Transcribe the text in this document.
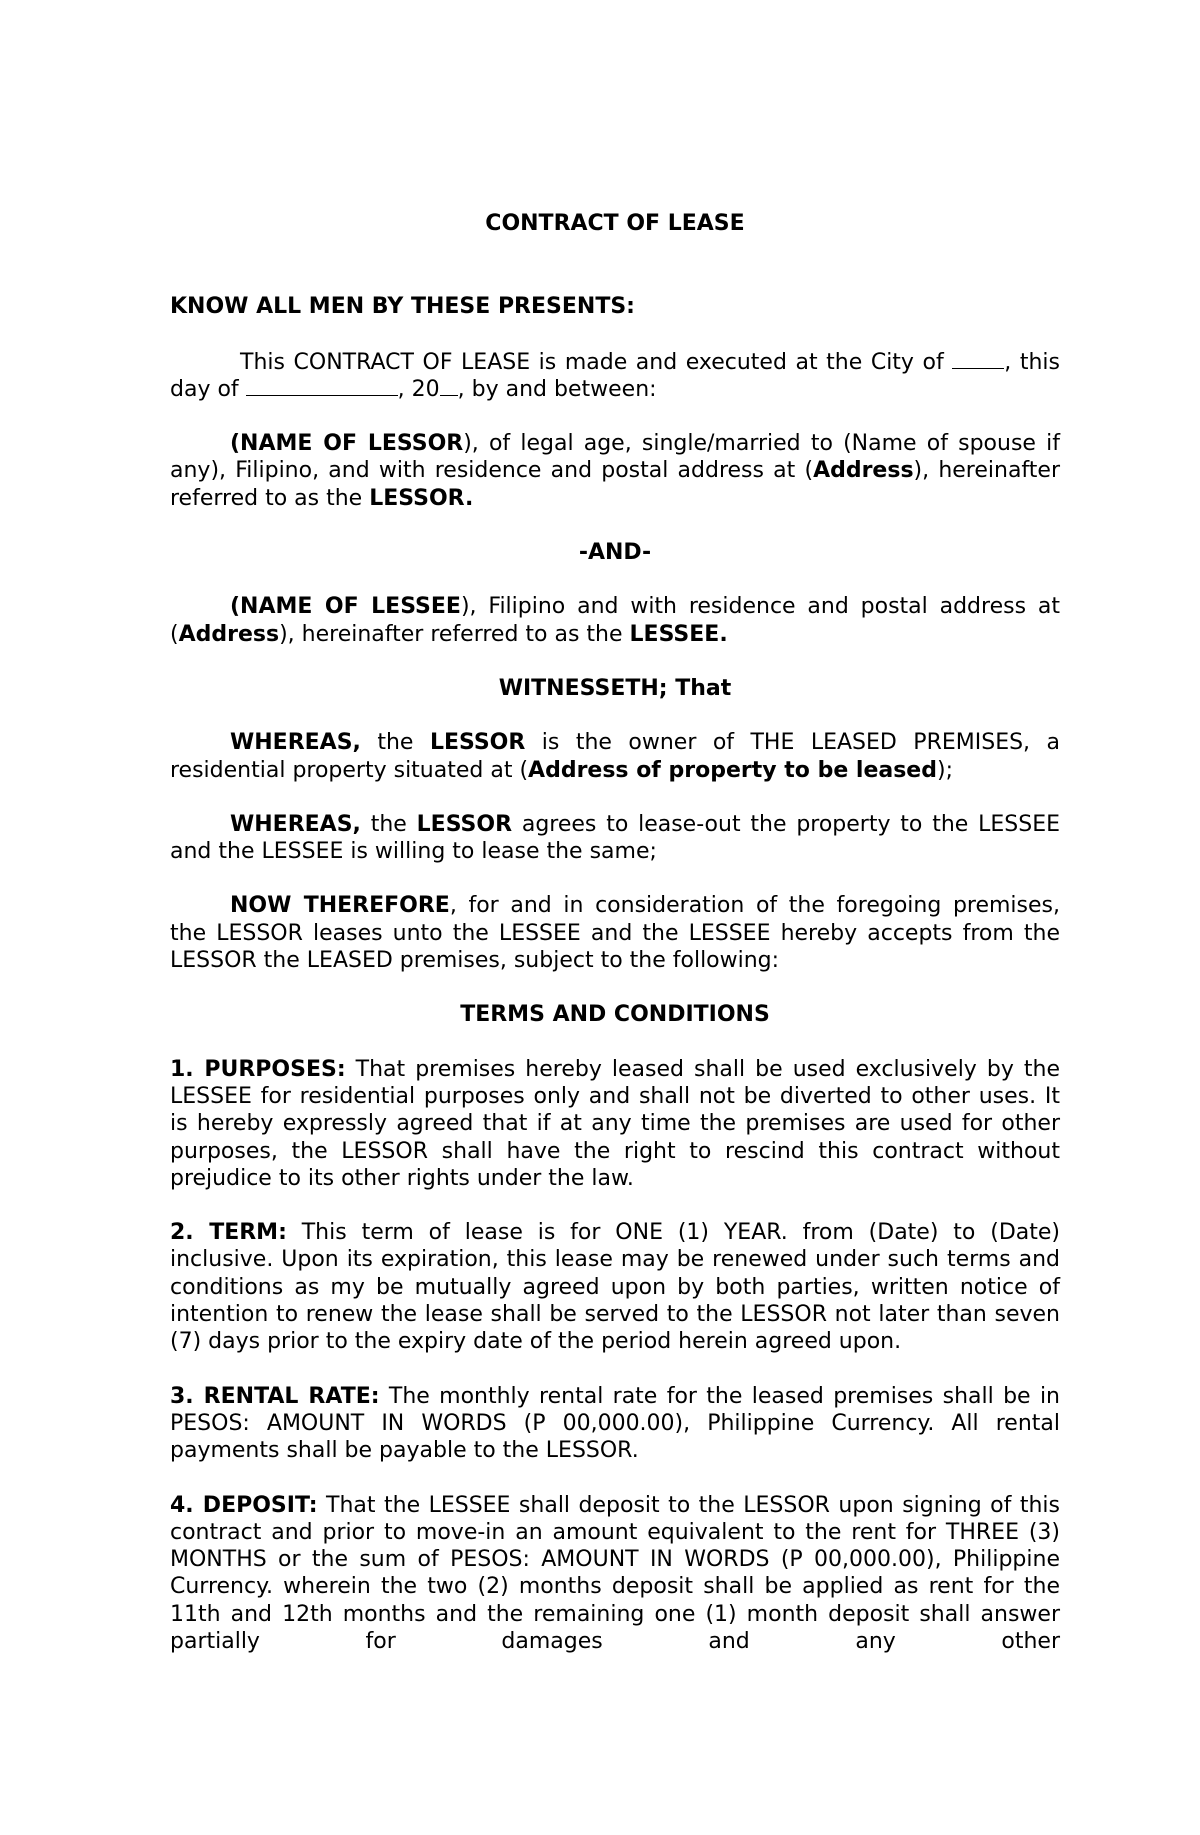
CONTRACT OF LEASE
KNOW ALL MEN BY THESE PRESENTS:

This CONTRACT OF LEASE is made and executed at the City of , this day of	, 20 , by and between:

(NAME OF LESSOR), of legal age, single/married to (Name of spouse if any), Filipino, and with residence and postal address at (Address), hereinafter referred to as the LESSOR.

-AND-

(NAME OF LESSEE), Filipino and with residence and postal address at (Address), hereinafter referred to as the LESSEE.

WITNESSETH; That

WHEREAS, the LESSOR is the owner of THE LEASED PREMISES, a residential property situated at (Address of property to be leased);

WHEREAS, the LESSOR agrees to lease-out the property to the LESSEE and the LESSEE is willing to lease the same;

NOW THEREFORE, for and in consideration of the foregoing premises, the LESSOR leases unto the LESSEE and the LESSEE hereby accepts from the LESSOR the LEASED premises, subject to the following:

TERMS AND CONDITIONS

1. PURPOSES: That premises hereby leased shall be used exclusively by the LESSEE for residential purposes only and shall not be diverted to other uses. It is hereby expressly agreed that if at any time the premises are used for other purposes, the LESSOR shall have the right to rescind this contract without prejudice to its other rights under the law.

2. TERM: This term of lease is for ONE (1) YEAR. from (Date) to (Date) inclusive. Upon its expiration, this lease may be renewed under such terms and conditions as my be mutually agreed upon by both parties, written notice of intention to renew the lease shall be served to the LESSOR not later than seven (7) days prior to the expiry date of the period herein agreed upon.

3. RENTAL RATE: The monthly rental rate for the leased premises shall be in PESOS: AMOUNT IN WORDS (P 00,000.00), Philippine Currency. All rental payments shall be payable to the LESSOR.

4. DEPOSIT: That the LESSEE shall deposit to the LESSOR upon signing of this contract and prior to move-in an amount equivalent to the rent for THREE (3) MONTHS or the sum of PESOS: AMOUNT IN WORDS (P 00,000.00), Philippine Currency. wherein the two (2) months deposit shall be applied as rent for the 11th and 12th months and the remaining one (1) month deposit shall answer partially for damages and any other
